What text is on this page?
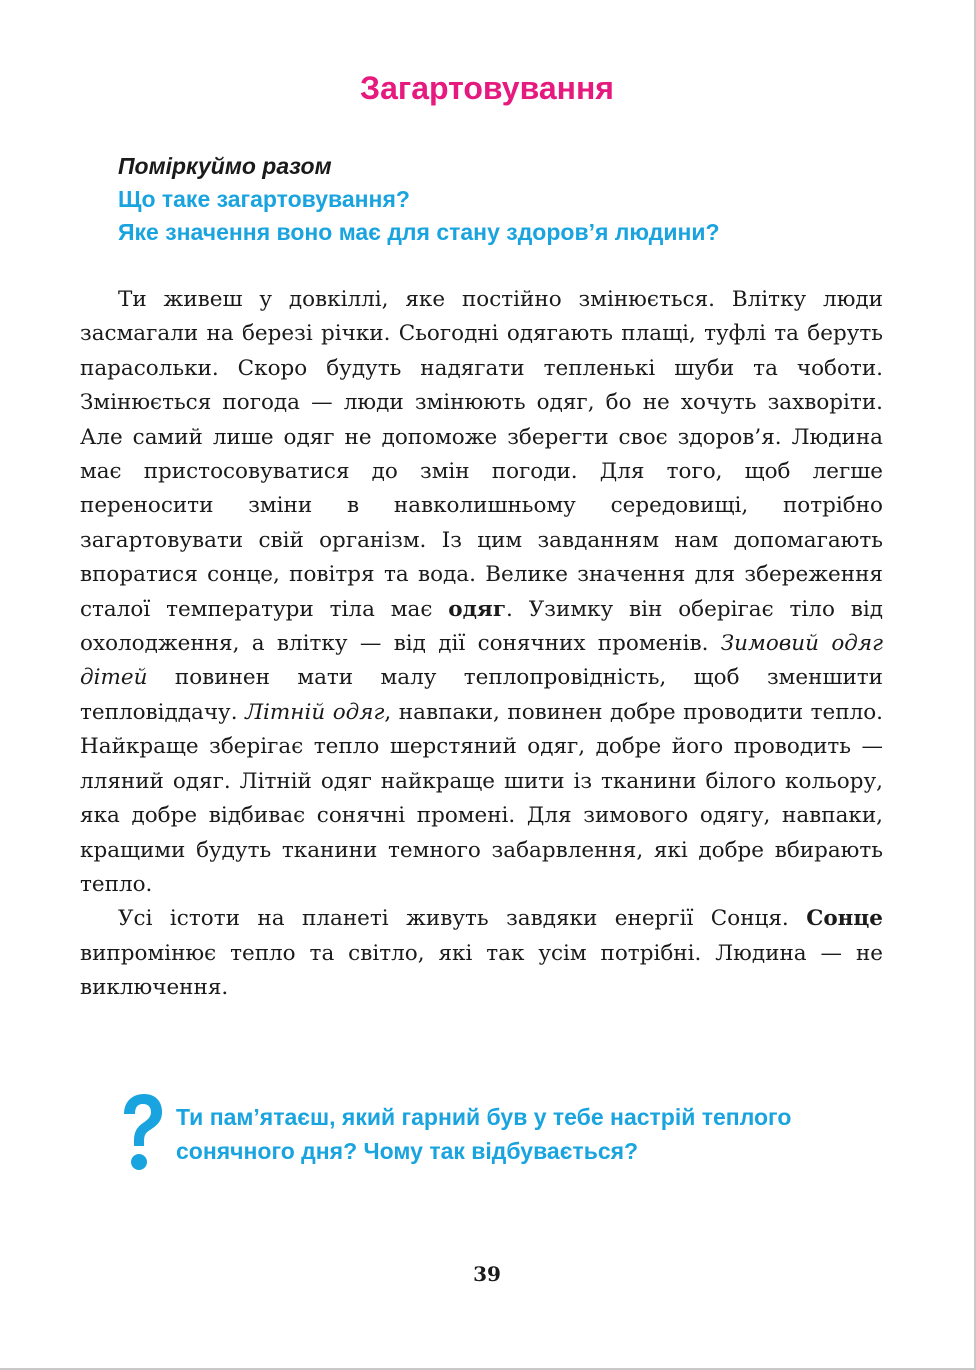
Загартовування
Поміркуймо разом
Що таке загартовування?
Яке значення воно має для стану здоров’я людини?

Ти живеш у довкіллі, яке постійно змінюється. Влітку люди засмагали на березі річки. Сьогодні одягають плащі, туфлі та беруть парасольки. Скоро будуть надягати тепленькі шуби та чоботи. Змінюється погода — люди змінюють одяг, бо не хочуть захворіти. Але самий лише одяг не допоможе зберегти своє здоров’я. Людина має пристосовуватися до змін погоди. Для того, щоб легше переносити зміни в навколишньому середовищі, потрібно загартовувати свій організм. Із цим завданням нам допомагають впоратися сонце, повітря та вода. Велике значення для збереження сталої температури тіла має одяг. Узимку він оберігає тіло від охолодження, а влітку — від дії сонячних променів. Зимовий одяг дітей повинен мати малу теплопровідність, щоб зменшити тепловіддачу. Літній одяг, навпаки, повинен добре проводити тепло. Найкраще зберігає тепло шерстяний одяг, добре його проводить — лляний одяг. Літній одяг найкраще шити із тканини білого кольору, яка добре відбиває сонячні промені. Для зимового одягу, навпаки, кращими будуть тканини темного забарвлення, які добре вбирають тепло.

Усі істоти на планеті живуть завдяки енергії Сонця. Сонце випромінює тепло та світло, які так усім потрібні. Людина — не виключення.

Ти пам’ятаєш, який гарний був у тебе настрій теплого сонячного дня? Чому так відбувається?
39
